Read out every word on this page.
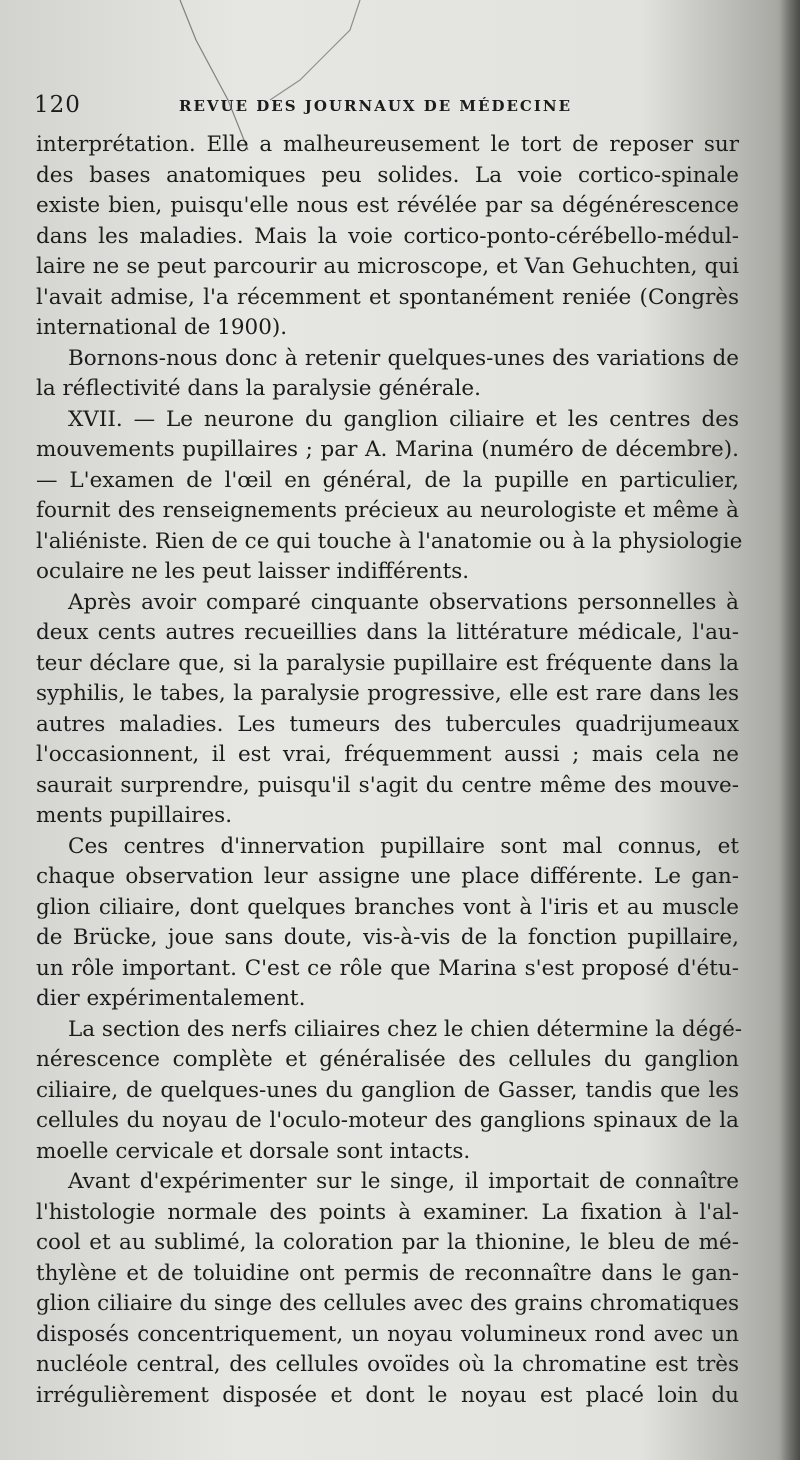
120	REVUE DES JOURNAUX DE MÉDECINE
interprétation. Elle a malheureusement le tort de reposer sur
des bases anatomiques peu solides. La voie cortico-spinale
existe bien, puisqu'elle nous est révélée par sa dégénérescence
dans les maladies. Mais la voie cortico-ponto-cérébello-médul-
laire ne se peut parcourir au microscope, et Van Gehuchten, qui
l'avait admise, l'a récemment et spontanément reniée (Congrès
international de 1900).
Bornons-nous donc à retenir quelques-unes des variations de
la réflectivité dans la paralysie générale.
XVII. — Le neurone du ganglion ciliaire et les centres des
mouvements pupillaires ; par A. Marina (numéro de décembre).
— L'examen de l'œil en général, de la pupille en particulier,
fournit des renseignements précieux au neurologiste et même à
l'aliéniste. Rien de ce qui touche à l'anatomie ou à la physiologie
oculaire ne les peut laisser indifférents.
Après avoir comparé cinquante observations personnelles à
deux cents autres recueillies dans la littérature médicale, l'au-
teur déclare que, si la paralysie pupillaire est fréquente dans la
syphilis, le tabes, la paralysie progressive, elle est rare dans les
autres maladies. Les tumeurs des tubercules quadrijumeaux
l'occasionnent, il est vrai, fréquemment aussi ; mais cela ne
saurait surprendre, puisqu'il s'agit du centre même des mouve-
ments pupillaires.
Ces centres d'innervation pupillaire sont mal connus, et
chaque observation leur assigne une place différente. Le gan-
glion ciliaire, dont quelques branches vont à l'iris et au muscle
de Brücke, joue sans doute, vis-à-vis de la fonction pupillaire,
un rôle important. C'est ce rôle que Marina s'est proposé d'étu-
dier expérimentalement.
La section des nerfs ciliaires chez le chien détermine la dégé-
nérescence complète et généralisée des cellules du ganglion
ciliaire, de quelques-unes du ganglion de Gasser, tandis que les
cellules du noyau de l'oculo-moteur des ganglions spinaux de la
moelle cervicale et dorsale sont intacts.
Avant d'expérimenter sur le singe, il importait de connaître
l'histologie normale des points à examiner. La fixation à l'al-
cool et au sublimé, la coloration par la thionine, le bleu de mé-
thylène et de toluidine ont permis de reconnaître dans le gan-
glion ciliaire du singe des cellules avec des grains chromatiques
disposés concentriquement, un noyau volumineux rond avec un
nucléole central, des cellules ovoïdes où la chromatine est très
irrégulièrement disposée et dont le noyau est placé loin du
